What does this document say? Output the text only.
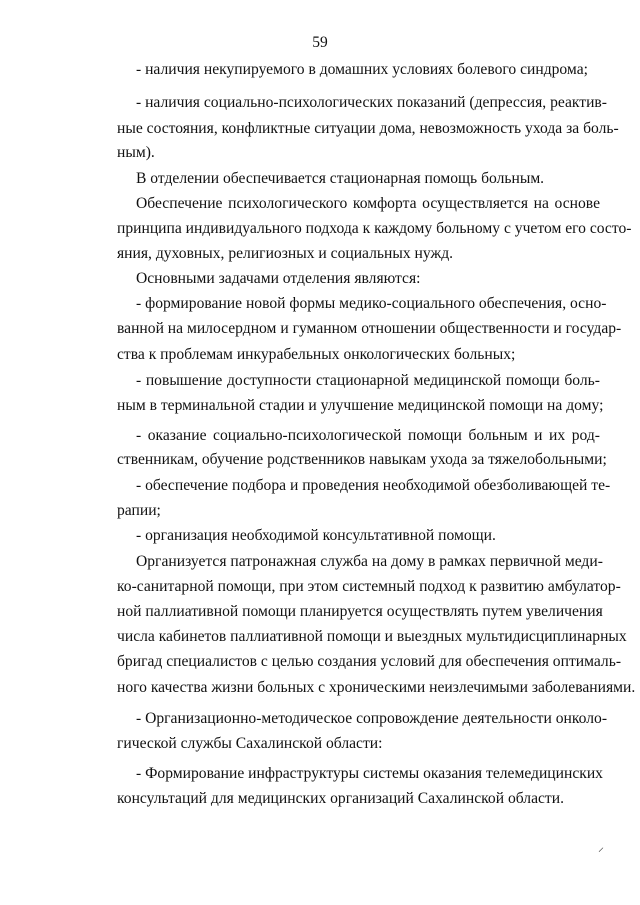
59
- наличия некупируемого в домашних условиях болевого синдрома;
- наличия социально-психологических показаний (депрессия, реактив-
ные состояния, конфликтные ситуации дома, невозможность ухода за боль-
ным).
В отделении обеспечивается стационарная помощь больным.
Обеспечение психологического комфорта осуществляется на основе
принципа индивидуального подхода к каждому больному с учетом его состо-
яния, духовных, религиозных и социальных нужд.
Основными задачами отделения являются:
- формирование новой формы медико-социального обеспечения, осно-
ванной на милосердном и гуманном отношении общественности и государ-
ства к проблемам инкурабельных онкологических больных;
- повышение доступности стационарной медицинской помощи боль-
ным в терминальной стадии и улучшение медицинской помощи на дому;
- оказание социально-психологической помощи больным и их род-
ственникам, обучение родственников навыкам ухода за тяжелобольными;
- обеспечение подбора и проведения необходимой обезболивающей те-
рапии;
- организация необходимой консультативной помощи.
Организуется патронажная служба на дому в рамках первичной меди-
ко-санитарной помощи, при этом системный подход к развитию амбулатор-
ной паллиативной помощи планируется осуществлять путем увеличения
числа кабинетов паллиативной помощи и выездных мультидисциплинарных
бригад специалистов с целью создания условий для обеспечения оптималь-
ного качества жизни больных с хроническими неизлечимыми заболеваниями.
- Организационно-методическое сопровождение деятельности онколо-
гической службы Сахалинской области:
- Формирование инфраструктуры системы оказания телемедицинских
консультаций для медицинских организаций Сахалинской области.
⸝
